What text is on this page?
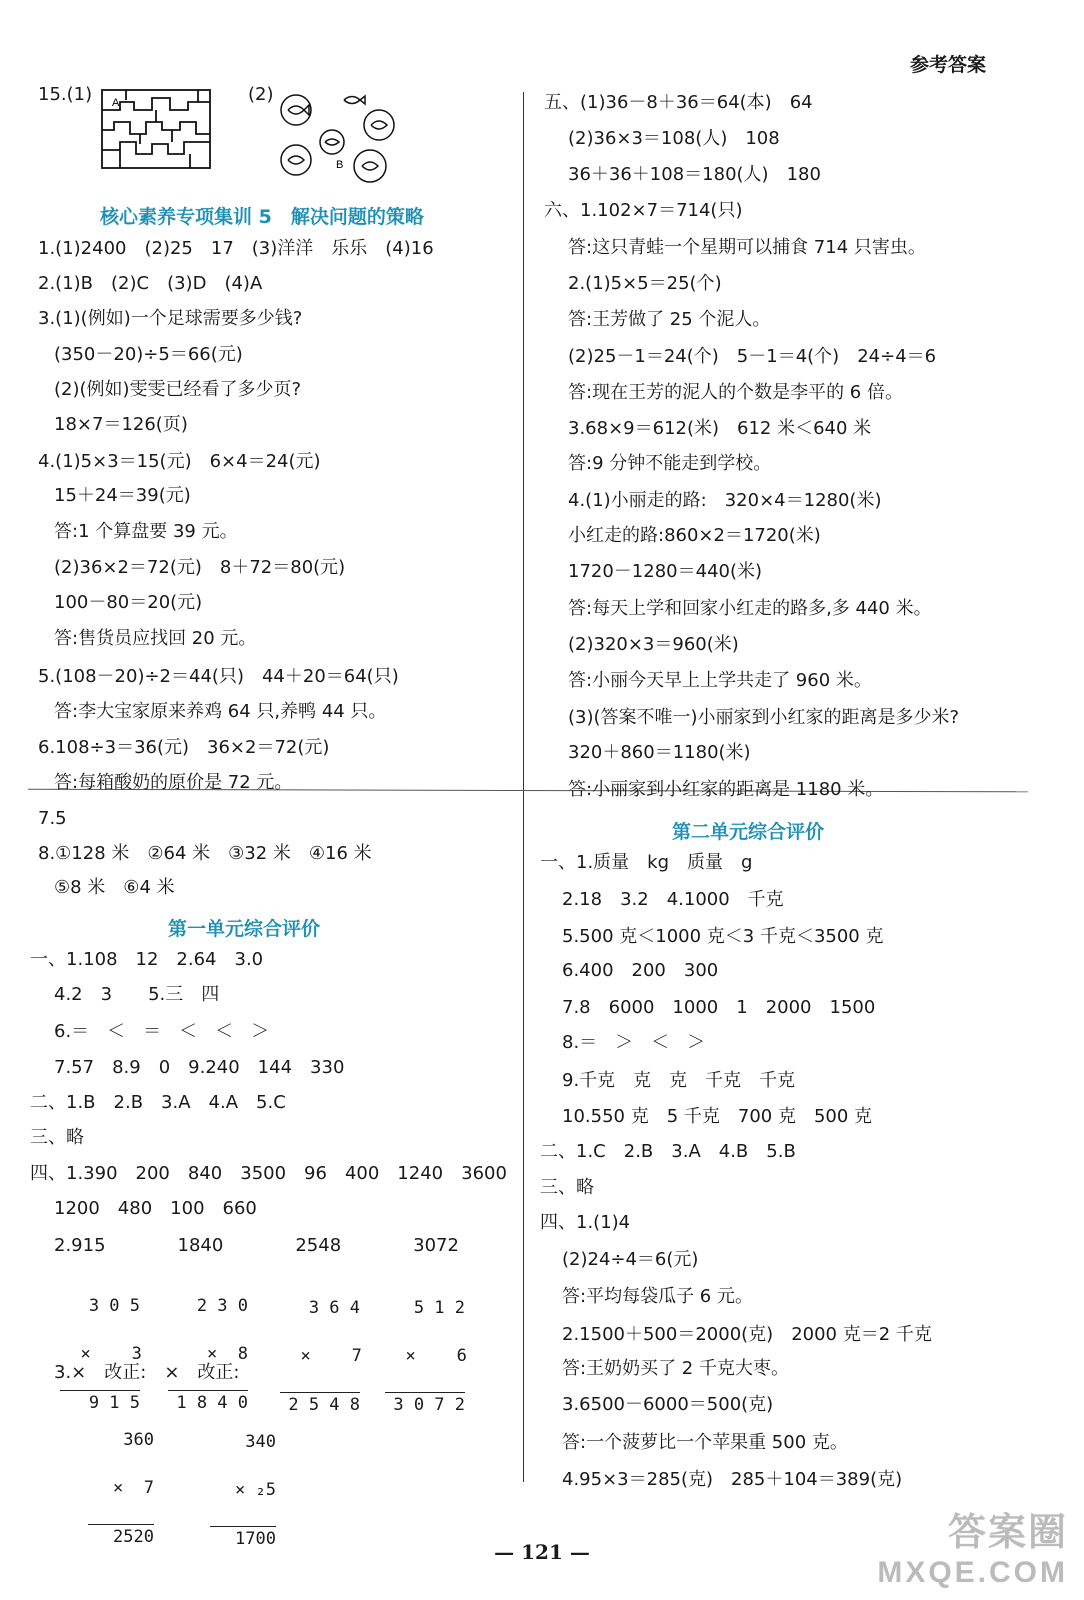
参考答案
15.(1) A	(2)
B
核心素养专项集训 5　解决问题的策略
1.(1)2400　(2)25　17　(3)洋洋　乐乐　(4)16
2.(1)B　(2)C　(3)D　(4)A
3.(1)(例如)一个足球需要多少钱?
(350－20)÷5＝66(元)
(2)(例如)雯雯已经看了多少页?
18×7＝126(页)
4.(1)5×3＝15(元)　6×4＝24(元)
15＋24＝39(元)
答:1 个算盘要 39 元。
(2)36×2＝72(元)　8＋72＝80(元)
100－80＝20(元)
答:售货员应找回 20 元。
5.(108－20)÷2＝44(只)　44＋20＝64(只)
答:李大宝家原来养鸡 64 只,养鸭 44 只。
6.108÷3＝36(元)　36×2＝72(元)
答:每箱酸奶的原价是 72 元。
7.5
8.①128 米　②64 米　③32 米　④16 米
⑤8 米　⑥4 米
第一单元综合评价
一、1.108　12　2.64　3.0
4.2　3　　5.三　四
6.＝　＜　＝　＜　＜　＞
7.57　8.9　0　9.240　144　330
二、1.B　2.B　3.A　4.A　5.C
三、略
四、1.390　200　840　3500　96　400　1240　3600
1200　480　100　660
2.915　　　　1840　　　　2548　　　　3072

3 0 5

×    3

9 1 5

2 3 0

×  8

1 8 4 0

3 6 4

×    7

2 5 4 8

5 1 2

×    6

3 0 7 2

3.×　改正:　×　改正:

360

×  7

2520

340

× ₂5

1700

五、(1)36－8＋36＝64(本)　64
(2)36×3＝108(人)　108
36＋36＋108＝180(人)　180
六、1.102×7＝714(只)
答:这只青蛙一个星期可以捕食 714 只害虫。
2.(1)5×5＝25(个)
答:王芳做了 25 个泥人。
(2)25－1＝24(个)　5－1＝4(个)　24÷4＝6
答:现在王芳的泥人的个数是李平的 6 倍。
3.68×9＝612(米)　612 米＜640 米
答:9 分钟不能走到学校。
4.(1)小丽走的路:　320×4＝1280(米)
小红走的路:860×2＝1720(米)
1720－1280＝440(米)
答:每天上学和回家小红走的路多,多 440 米。
(2)320×3＝960(米)
答:小丽今天早上上学共走了 960 米。
(3)(答案不唯一)小丽家到小红家的距离是多少米?
320＋860＝1180(米)
答:小丽家到小红家的距离是 1180 米。
第二单元综合评价
一、1.质量　kg　质量　g
2.18　3.2　4.1000　千克
5.500 克＜1000 克＜3 千克＜3500 克
6.400　200　300
7.8　6000　1000　1　2000　1500
8.＝　＞　＜　＞
9.千克　克　克　千克　千克
10.550 克　5 千克　700 克　500 克
二、1.C　2.B　3.A　4.B　5.B
三、略
四、1.(1)4
(2)24÷4＝6(元)
答:平均每袋瓜子 6 元。
2.1500＋500＝2000(克)　2000 克＝2 千克
答:王奶奶买了 2 千克大枣。
3.6500－6000＝500(克)
答:一个菠萝比一个苹果重 500 克。
4.95×3＝285(克)　285＋104＝389(克)
— 121 —	答案圈
MXQE.COM
